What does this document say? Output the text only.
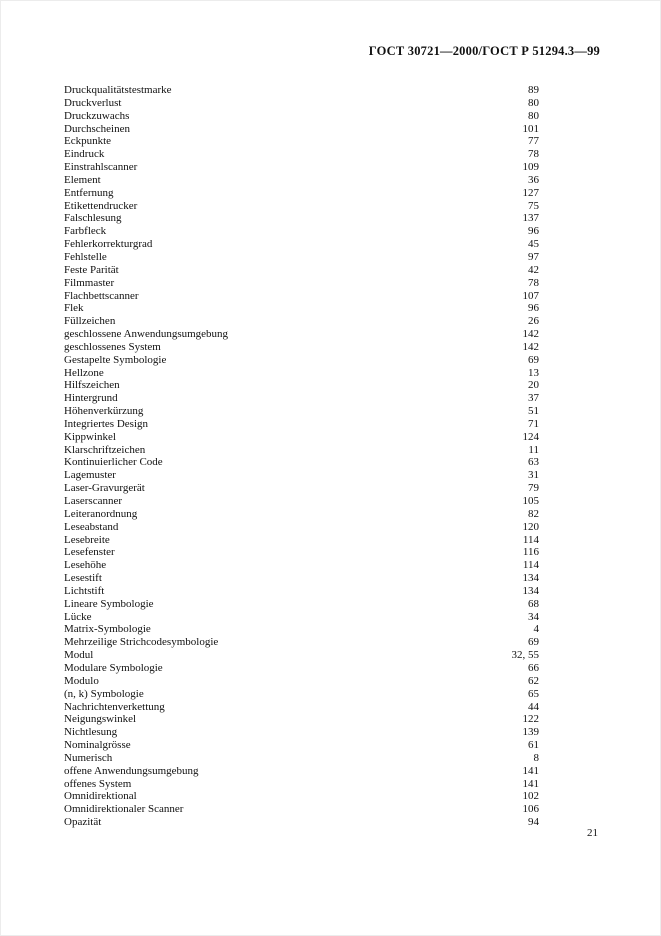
ГОСТ 30721—2000/ГОСТ Р 51294.3—99
Druckqualitätstestmarke	89
Druckverlust	80
Druckzuwachs	80
Durchscheinen	101
Eckpunkte	77
Eindruck	78
Einstrahlscanner	109
Element	36
Entfernung	127
Etikettendrucker	75
Falschlesung	137
Farbfleck	96
Fehlerkorrekturgrad	45
Fehlstelle	97
Feste Parität	42
Filmmaster	78
Flachbettscanner	107
Flek	96
Füllzeichen	26
geschlossene Anwendungsumgebung	142
geschlossenes System	142
Gestapelte Symbologie	69
Hellzone	13
Hilfszeichen	20
Hintergrund	37
Höhenverkürzung	51
Integriertes Design	71
Kippwinkel	124
Klarschriftzeichen	11
Kontinuierlicher Code	63
Lagemuster	31
Laser-Gravurgerät	79
Laserscanner	105
Leiteranordnung	82
Leseabstand	120
Lesebreite	114
Lesefenster	116
Lesehöhe	114
Lesestift	134
Lichtstift	134
Lineare Symbologie	68
Lücke	34
Matrix-Symbologie	4
Mehrzeilige Strichcodesymbologie	69
Modul	32, 55
Modulare Symbologie	66
Modulo	62
(n, k) Symbologie	65
Nachrichtenverkettung	44
Neigungswinkel	122
Nichtlesung	139
Nominalgrösse	61
Numerisch	8
offene Anwendungsumgebung	141
offenes System	141
Omnidirektional	102
Omnidirektionaler Scanner	106
Opazität	94
21
